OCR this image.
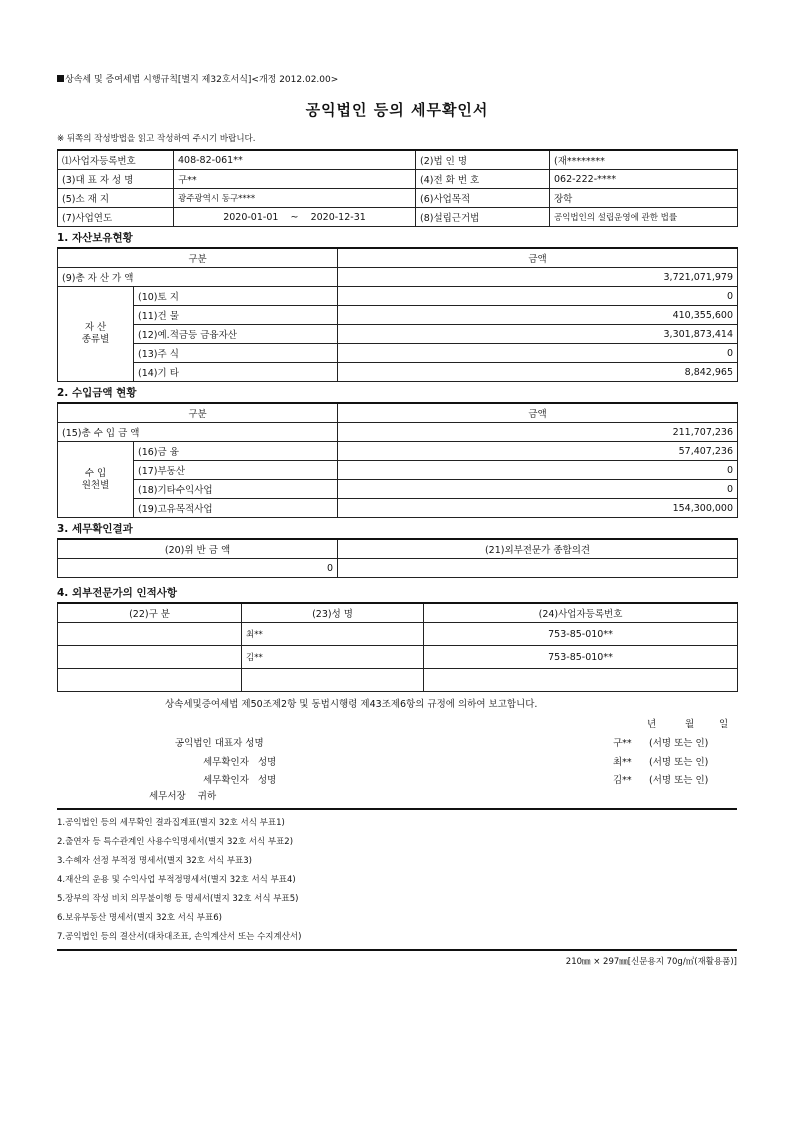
상속세 및 증여세법 시행규칙[별지 제32호서식]<개정 2012.02.00>
공익법인 등의 세무확인서
※ 뒤쪽의 작성방법을 읽고 작성하여 주시기 바랍니다.
⑴사업자등록번호	408-82-061**	(2)법 인 명	(재********
(3)대 표 자 성 명	구**	(4)전 화 번 호	062-222-****
(5)소 재 지	광주광역시 동구****	(6)사업목적	장학
(7)사업연도	2020-01-01 ~ 2020-12-31	(8)설립근거법	공익법인의 설립운영에 관한 법률
1. 자산보유현황
구분		금액
(9)총 자 산 가 액		3,721,071,979
자 산
종류별	(10)토 지	0
	(11)건 물	410,355,600
	(12)예.적금등 금융자산	3,301,873,414
	(13)주 식	0
	(14)기 타	8,842,965
2. 수입금액 현황
구분		금액
(15)총 수 입 금 액		211,707,236
수 입
원천별	(16)금 융	57,407,236
	(17)부동산	0
	(18)기타수익사업	0
	(19)고유목적사업	154,300,000
3. 세무확인결과
(20)위 반 금 액	(21)외부전문가 종합의견
0	
4. 외부전문가의 인적사항
(22)구 분	(23)성 명	(24)사업자등록번호
	최**	753-85-010**
	김**	753-85-010**

상속세및증여세법 제50조제2항 및 동법시행령 제43조제6항의 규정에 의하여 보고합니다.
년	월	일
공익법인 대표자 성명	구** (서명 또는 인)
세무확인자   성명	최** (서명 또는 인)
세무확인자   성명	김** (서명 또는 인)
세무서장    귀하
1.공익법인 등의 세무확인 결과집계표(별지 32호 서식 부표1)
2.출연자 등 특수관계인 사용수익명세서(별지 32호 서식 부표2)
3.수혜자 선정 부적정 명세서(별지 32호 서식 부표3)
4.재산의 운용 및 수익사업 부적정명세서(별지 32호 서식 부표4)
5.장부의 작성 비치 의무불이행 등 명세서(별지 32호 서식 부표5)
6.보유부동산 명세서(별지 32호 서식 부표6)
7.공익법인 등의 결산서(대차대조표, 손익계산서 또는 수지계산서)
210㎜ × 297㎜[신문용지 70g/㎡(재활용품)]
